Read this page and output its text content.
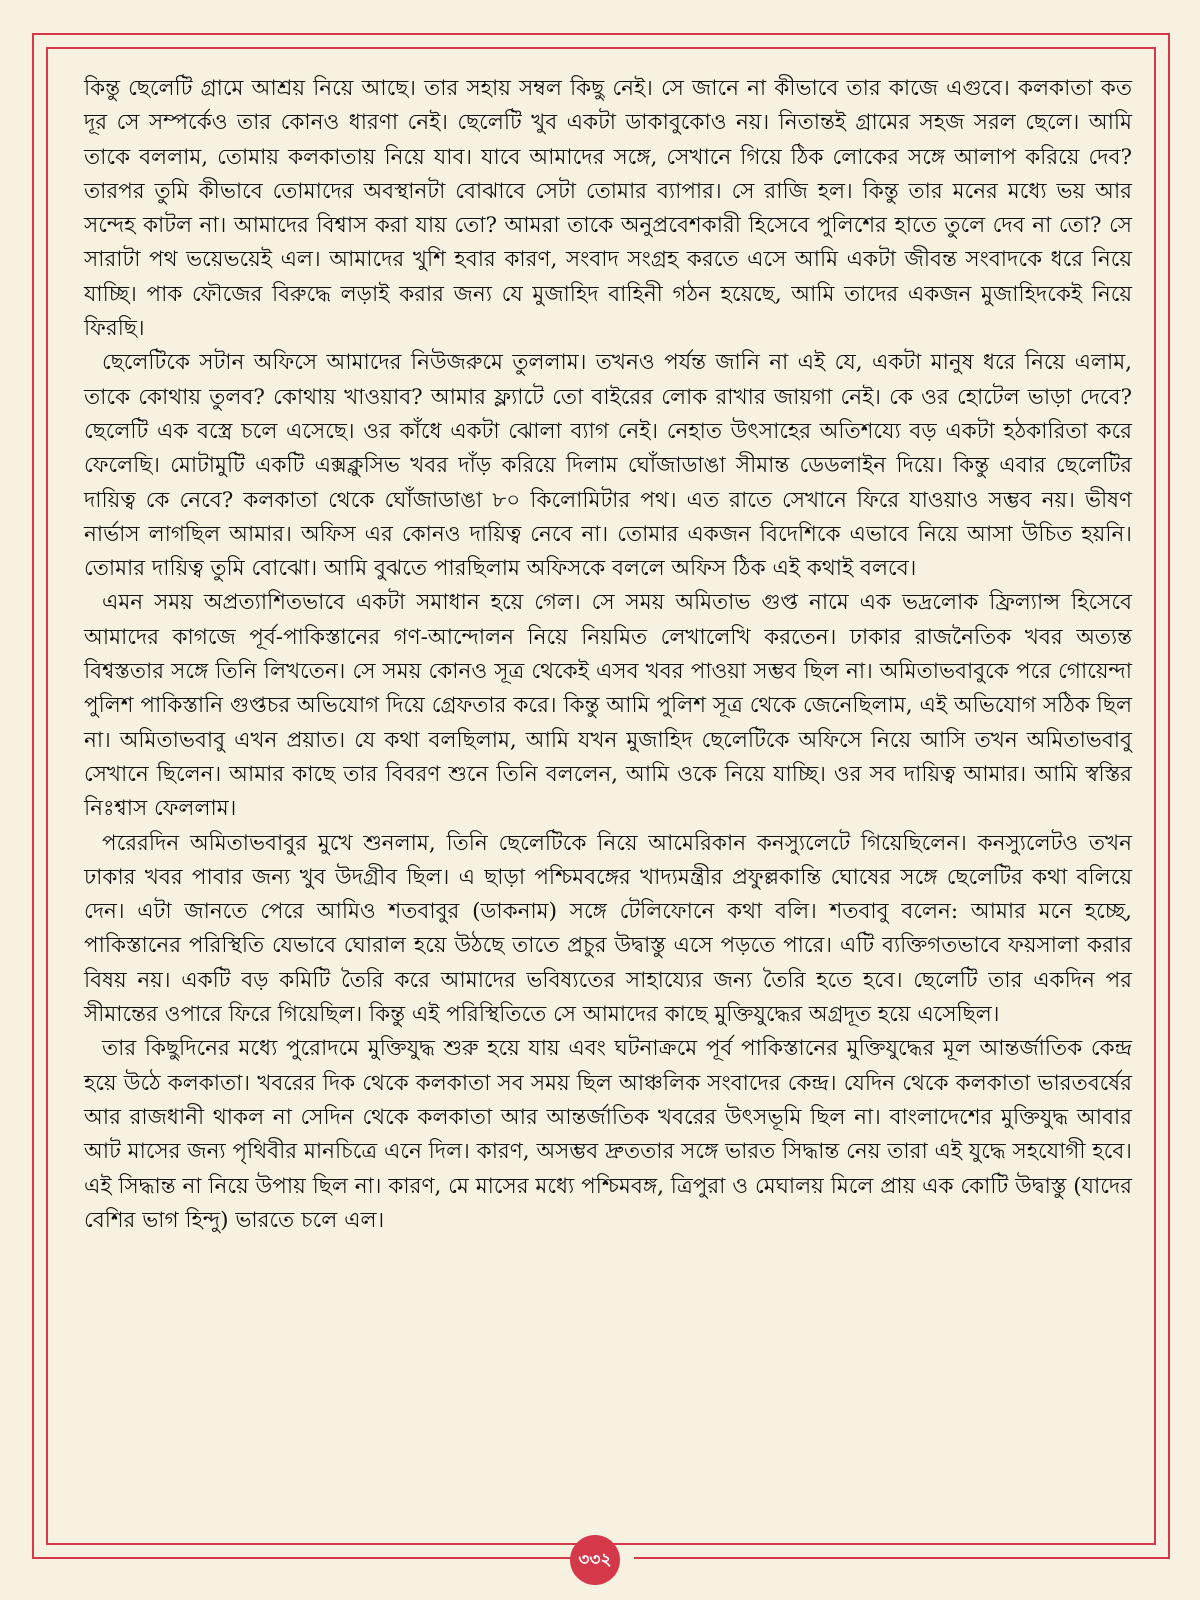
কিন্তু ছেলেটি গ্রামে আশ্রয় নিয়ে আছে। তার সহায় সম্বল কিছু নেই। সে জানে না কীভাবে তার কাজে এগুবে। কলকাতা কত দূর সে সম্পর্কেও তার কোনও ধারণা নেই। ছেলেটি খুব একটা ডাকাবুকোও নয়। নিতান্তই গ্রামের সহজ সরল ছেলে। আমি তাকে বললাম, তোমায় কলকাতায় নিয়ে যাব। যাবে আমাদের সঙ্গে, সেখানে গিয়ে ঠিক লোকের সঙ্গে আলাপ করিয়ে দেব? তারপর তুমি কীভাবে তোমাদের অবস্থানটা বোঝাবে সেটা তোমার ব্যাপার। সে রাজি হল। কিন্তু তার মনের মধ্যে ভয় আর সন্দেহ কাটল না। আমাদের বিশ্বাস করা যায় তো? আমরা তাকে অনুপ্রবেশকারী হিসেবে পুলিশের হাতে তুলে দেব না তো? সে সারাটা পথ ভয়েভয়েই এল। আমাদের খুশি হবার কারণ, সংবাদ সংগ্রহ করতে এসে আমি একটা জীবন্ত সংবাদকে ধরে নিয়ে যাচ্ছি। পাক ফৌজের বিরুদ্ধে লড়াই করার জন্য যে মুজাহিদ বাহিনী গঠন হয়েছে, আমি তাদের একজন মুজাহিদকেই নিয়ে ফিরছি।

ছেলেটিকে সটান অফিসে আমাদের নিউজরুমে তুললাম। তখনও পর্যন্ত জানি না এই যে, একটা মানুষ ধরে নিয়ে এলাম, তাকে কোথায় তুলব? কোথায় খাওয়াব? আমার ফ্ল্যাটে তো বাইরের লোক রাখার জায়গা নেই। কে ওর হোটেল ভাড়া দেবে? ছেলেটি এক বস্ত্রে চলে এসেছে। ওর কাঁধে একটা ঝোলা ব্যাগ নেই। নেহাত উৎসাহের অতিশয্যে বড় একটা হঠকারিতা করে ফেলেছি। মোটামুটি একটি এক্সক্লুসিভ খবর দাঁড় করিয়ে দিলাম ঘোঁজাডাঙা সীমান্ত ডেডলাইন দিয়ে। কিন্তু এবার ছেলেটির দায়িত্ব কে নেবে? কলকাতা থেকে ঘোঁজাডাঙা ৮০ কিলোমিটার পথ। এত রাতে সেখানে ফিরে যাওয়াও সম্ভব নয়। ভীষণ নার্ভাস লাগছিল আমার। অফিস এর কোনও দায়িত্ব নেবে না। তোমার একজন বিদেশিকে এভাবে নিয়ে আসা উচিত হয়নি। তোমার দায়িত্ব তুমি বোঝো। আমি বুঝতে পারছিলাম অফিসকে বললে অফিস ঠিক এই কথাই বলবে।

এমন সময় অপ্রত্যাশিতভাবে একটা সমাধান হয়ে গেল। সে সময় অমিতাভ গুপ্ত নামে এক ভদ্রলোক ফ্রিল্যান্স হিসেবে আমাদের কাগজে পূর্ব-পাকিস্তানের গণ-আন্দোলন নিয়ে নিয়মিত লেখালেখি করতেন। ঢাকার রাজনৈতিক খবর অত্যন্ত বিশ্বস্ততার সঙ্গে তিনি লিখতেন। সে সময় কোনও সূত্র থেকেই এসব খবর পাওয়া সম্ভব ছিল না। অমিতাভবাবুকে পরে গোয়েন্দা পুলিশ পাকিস্তানি গুপ্তচর অভিযোগ দিয়ে গ্রেফতার করে। কিন্তু আমি পুলিশ সূত্র থেকে জেনেছিলাম, এই অভিযোগ সঠিক ছিল না। অমিতাভবাবু এখন প্রয়াত। যে কথা বলছিলাম, আমি যখন মুজাহিদ ছেলেটিকে অফিসে নিয়ে আসি তখন অমিতাভবাবু সেখানে ছিলেন। আমার কাছে তার বিবরণ শুনে তিনি বললেন, আমি ওকে নিয়ে যাচ্ছি। ওর সব দায়িত্ব আমার। আমি স্বস্তির নিঃশ্বাস ফেললাম।

পরেরদিন অমিতাভবাবুর মুখে শুনলাম, তিনি ছেলেটিকে নিয়ে আমেরিকান কনস্যুলেটে গিয়েছিলেন। কনস্যুলেটও তখন ঢাকার খবর পাবার জন্য খুব উদগ্রীব ছিল। এ ছাড়া পশ্চিমবঙ্গের খাদ্যমন্ত্রীর প্রফুল্লকান্তি ঘোষের সঙ্গে ছেলেটির কথা বলিয়ে দেন। এটা জানতে পেরে আমিও শতবাবুর (ডাকনাম) সঙ্গে টেলিফোনে কথা বলি। শতবাবু বলেন: আমার মনে হচ্ছে, পাকিস্তানের পরিস্থিতি যেভাবে ঘোরাল হয়ে উঠছে তাতে প্রচুর উদ্বাস্তু এসে পড়তে পারে। এটি ব্যক্তিগতভাবে ফয়সালা করার বিষয় নয়। একটি বড় কমিটি তৈরি করে আমাদের ভবিষ্যতের সাহায্যের জন্য তৈরি হতে হবে। ছেলেটি তার একদিন পর সীমান্তের ওপারে ফিরে গিয়েছিল। কিন্তু এই পরিস্থিতিতে সে আমাদের কাছে মুক্তিযুদ্ধের অগ্রদূত হয়ে এসেছিল।

তার কিছুদিনের মধ্যে পুরোদমে মুক্তিযুদ্ধ শুরু হয়ে যায় এবং ঘটনাক্রমে পূর্ব পাকিস্তানের মুক্তিযুদ্ধের মূল আন্তর্জাতিক কেন্দ্র হয়ে উঠে কলকাতা। খবরের দিক থেকে কলকাতা সব সময় ছিল আঞ্চলিক সংবাদের কেন্দ্র। যেদিন থেকে কলকাতা ভারতবর্ষের আর রাজধানী থাকল না সেদিন থেকে কলকাতা আর আন্তর্জাতিক খবরের উৎসভূমি ছিল না। বাংলাদেশের মুক্তিযুদ্ধ আবার আট মাসের জন্য পৃথিবীর মানচিত্রে এনে দিল। কারণ, অসম্ভব দ্রুততার সঙ্গে ভারত সিদ্ধান্ত নেয় তারা এই যুদ্ধে সহযোগী হবে। এই সিদ্ধান্ত না নিয়ে উপায় ছিল না। কারণ, মে মাসের মধ্যে পশ্চিমবঙ্গ, ত্রিপুরা ও মেঘালয় মিলে প্রায় এক কোটি উদ্বাস্তু (যাদের বেশির ভাগ হিন্দু) ভারতে চলে এল।

৩৩২
